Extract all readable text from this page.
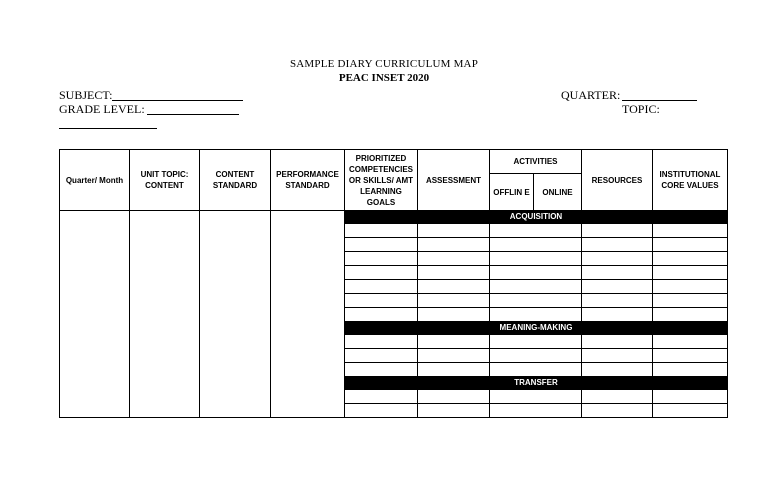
SAMPLE DIARY CURRICULUM MAP
PEAC INSET 2020
SUBJECT:
GRADE LEVEL:
QUARTER:
TOPIC:
Quarter/ Month	UNIT TOPIC: CONTENT	CONTENT STANDARD	PERFORMANCE STANDARD	PRIORITIZED COMPETENCIES OR SKILLS/ AMT LEARNING GOALS	ASSESSMENT	ACTIVITIES		RESOURCES	INSTITUTIONAL CORE VALUES
						OFFLIN E	ONLINE		
				ACQUISITION					

				MEANING-MAKING					

				TRANSFER					
